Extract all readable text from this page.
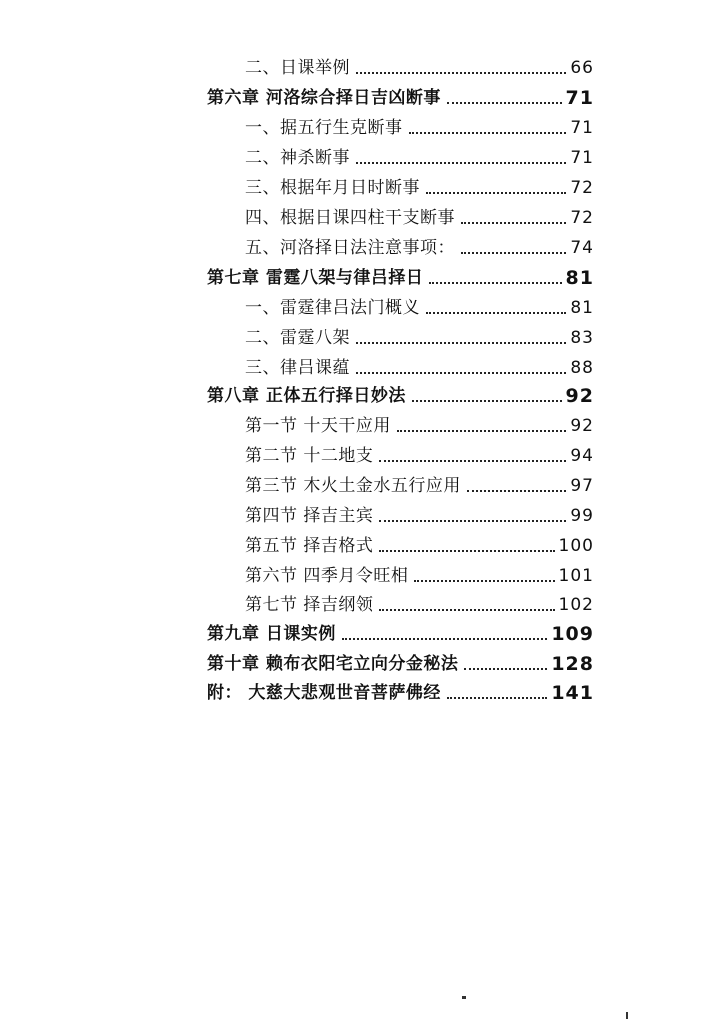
二、日课举例	66
第六章 河洛综合择日吉凶断事	71
一、据五行生克断事	71
二、神杀断事	71
三、根据年月日时断事	72
四、根据日课四柱干支断事	72
五、河洛择日法注意事项：	74
第七章 雷霆八架与律吕择日	81
一、雷霆律吕法门概义	81
二、雷霆八架	83
三、律吕课蕴	88
第八章 正体五行择日妙法	92
第一节 十天干应用	92
第二节 十二地支	94
第三节 木火土金水五行应用	97
第四节 择吉主宾	99
第五节 择吉格式	100
第六节 四季月令旺相	101
第七节 择吉纲领	102
第九章 日课实例	109
第十章 赖布衣阳宅立向分金秘法	128
附： 大慈大悲观世音菩萨佛经	141
